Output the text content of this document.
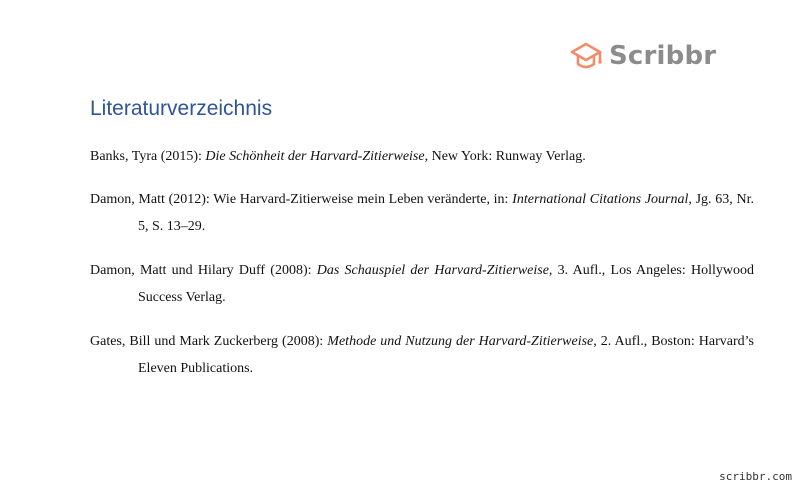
Scribbr
Literaturverzeichnis

Banks, Tyra (2015): Die Schönheit der Harvard-Zitierweise, New York: Runway Verlag.

Damon, Matt (2012): Wie Harvard-Zitierweise mein Leben veränderte, in: International Citations Journal, Jg. 63, Nr. 5, S. 13–29.

Damon, Matt und Hilary Duff (2008): Das Schauspiel der Harvard-Zitierweise, 3. Aufl., Los Angeles: Hollywood Success Verlag.

Gates, Bill und Mark Zuckerberg (2008): Methode und Nutzung der Harvard-Zitierweise, 2. Aufl., Boston: Harvard’s Eleven Publications.

scribbr.com
